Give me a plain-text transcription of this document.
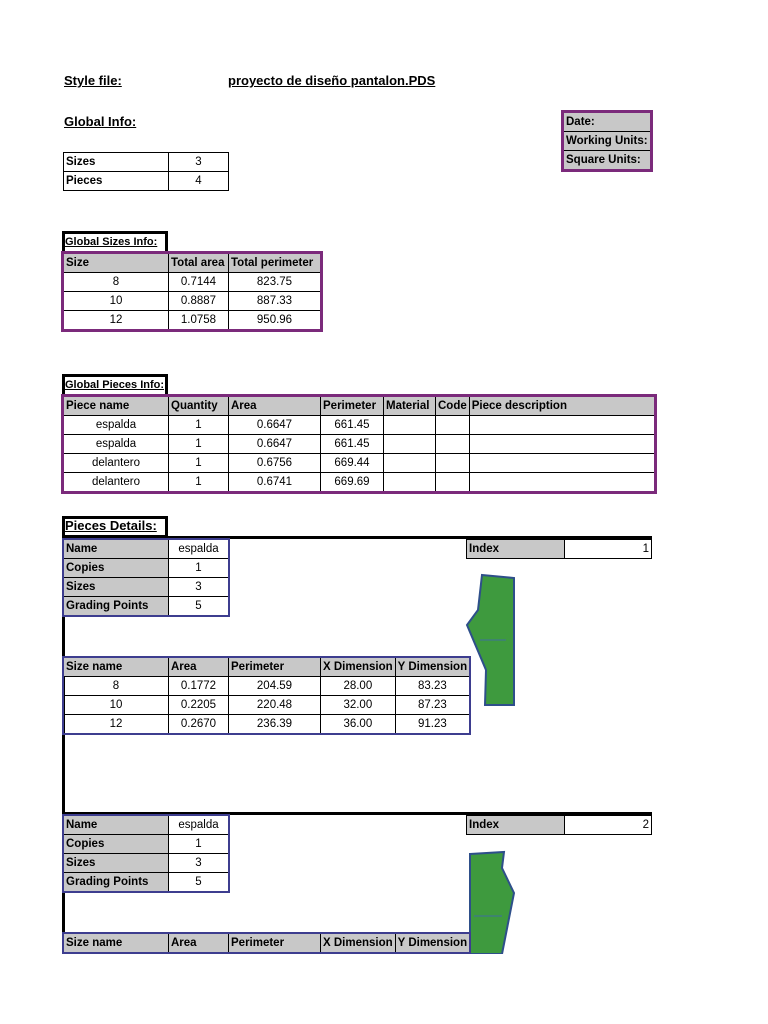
Style file:	proyecto de diseño pantalon.PDS
Global Info:	Date:
Working Units:
Square Units:
Sizes	3
Pieces	4
Global Sizes Info:
Size	Total area	Total perimeter
8	0.7144	823.75
10	0.8887	887.33
12	1.0758	950.96
Global Pieces Info:
Piece name	Quantity	Area	Perimeter	Material	Code	Piece description
espalda	1	0.6647	661.45			
espalda	1	0.6647	661.45			
delantero	1	0.6756	669.44			
delantero	1	0.6741	669.69			
Pieces Details:
Name	espalda
Copies	1
Sizes	3
Grading Points	5
Index	1
Size name	Area	Perimeter	X Dimension	Y Dimension
8	0.1772	204.59	28.00	83.23
10	0.2205	220.48	32.00	87.23
12	0.2670	236.39	36.00	91.23
Name	espalda
Copies	1
Sizes	3
Grading Points	5
Index	2
Size name	Area	Perimeter	X Dimension	Y Dimension
